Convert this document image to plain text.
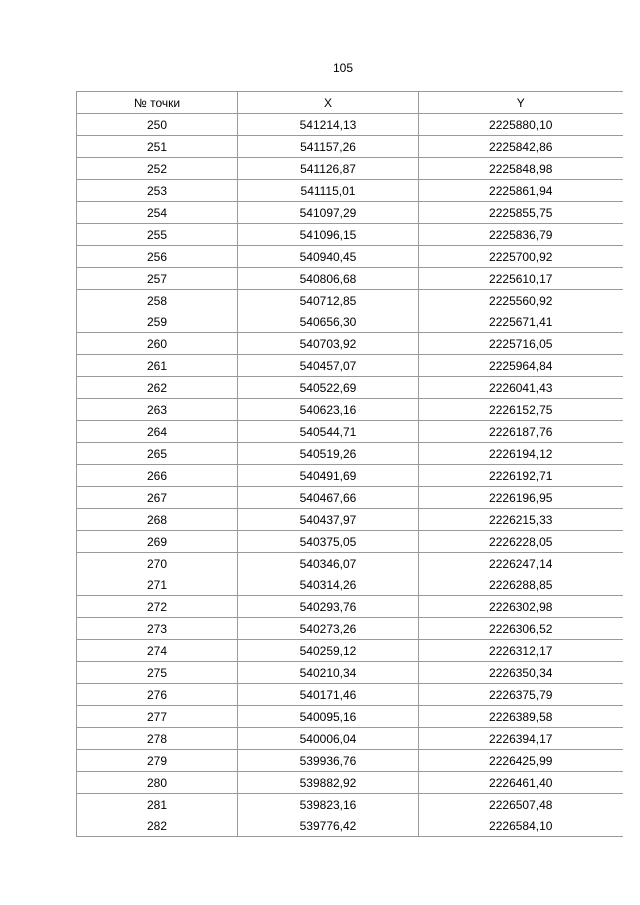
105
№ точки	X	Y
250	541214,13	2225880,10
251	541157,26	2225842,86
252	541126,87	2225848,98
253	541115,01	2225861,94
254	541097,29	2225855,75
255	541096,15	2225836,79
256	540940,45	2225700,92
257	540806,68	2225610,17
258	540712,85	2225560,92
259	540656,30	2225671,41
260	540703,92	2225716,05
261	540457,07	2225964,84
262	540522,69	2226041,43
263	540623,16	2226152,75
264	540544,71	2226187,76
265	540519,26	2226194,12
266	540491,69	2226192,71
267	540467,66	2226196,95
268	540437,97	2226215,33
269	540375,05	2226228,05
270	540346,07	2226247,14
271	540314,26	2226288,85
272	540293,76	2226302,98
273	540273,26	2226306,52
274	540259,12	2226312,17
275	540210,34	2226350,34
276	540171,46	2226375,79
277	540095,16	2226389,58
278	540006,04	2226394,17
279	539936,76	2226425,99
280	539882,92	2226461,40
281	539823,16	2226507,48
282	539776,42	2226584,10
